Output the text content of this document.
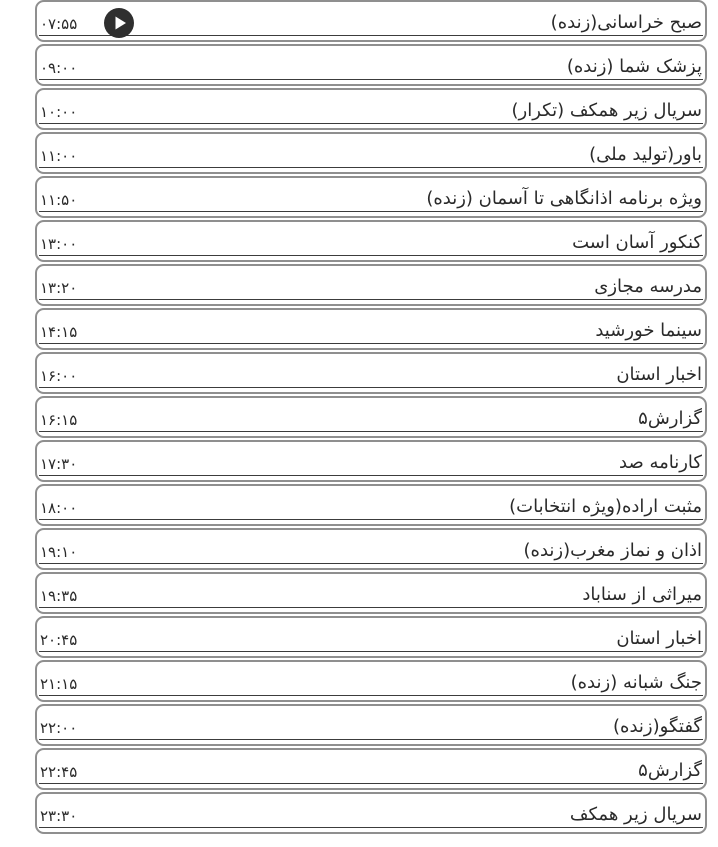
صبح خراسانی(زنده)
۰۷:۵۵
پزشک شما (زنده)
۰۹:۰۰
سریال زیر همکف (تکرار)
۱۰:۰۰
باور(تولید ملی)
۱۱:۰۰
ویژه برنامه اذانگاهی تا آسمان (زنده)
۱۱:۵۰
کنکور آسان است
۱۳:۰۰
مدرسه مجازی
۱۳:۲۰
سینما خورشید
۱۴:۱۵
اخبار استان
۱۶:۰۰
گزارش۵
۱۶:۱۵
کارنامه صد
۱۷:۳۰
مثبت اراده(ویژه انتخابات)
۱۸:۰۰
اذان و نماز مغرب(زنده)
۱۹:۱۰
میراثی از سناباد
۱۹:۳۵
اخبار استان
۲۰:۴۵
جنگ شبانه (زنده)
۲۱:۱۵
گفتگو(زنده)
۲۲:۰۰
گزارش۵
۲۲:۴۵
سریال زیر همکف
۲۳:۳۰
